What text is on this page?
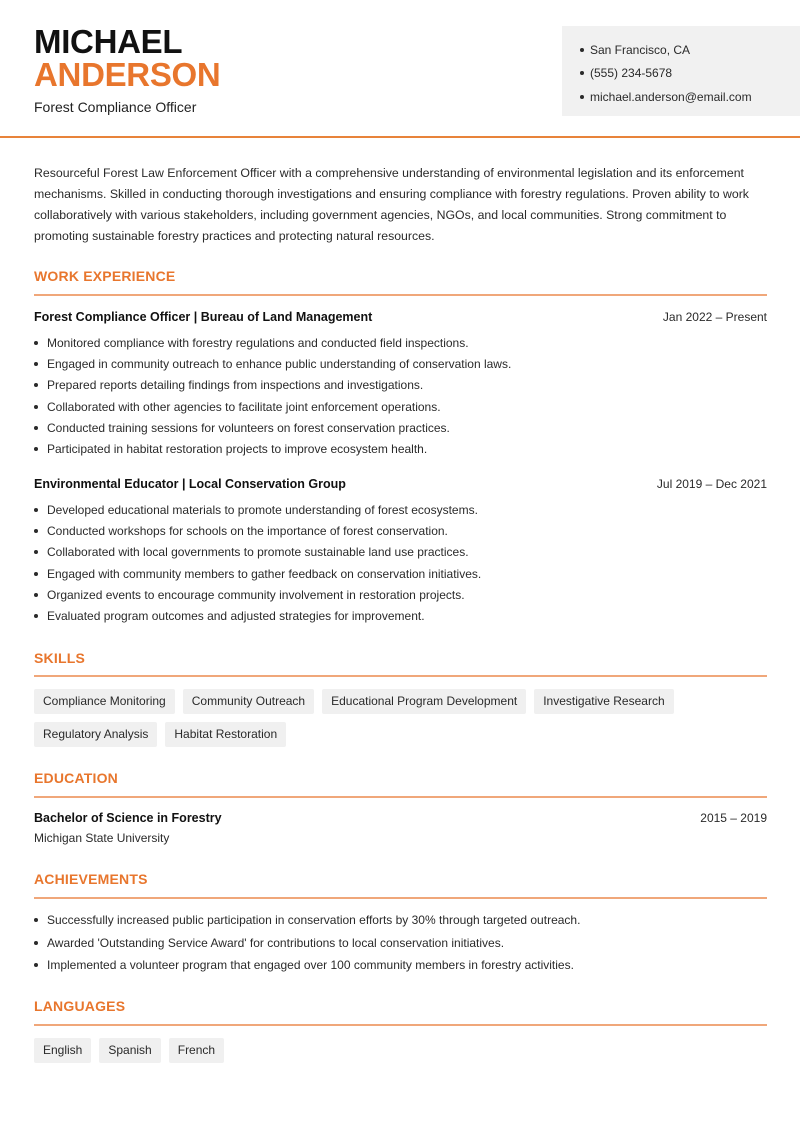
MICHAEL
ANDERSON
Forest Compliance Officer
San Francisco, CA
(555) 234-5678
michael.anderson@email.com

Resourceful Forest Law Enforcement Officer with a comprehensive understanding of environmental legislation and its enforcement mechanisms. Skilled in conducting thorough investigations and ensuring compliance with forestry regulations. Proven ability to work collaboratively with various stakeholders, including government agencies, NGOs, and local communities. Strong commitment to promoting sustainable forestry practices and protecting natural resources.

WORK EXPERIENCE
Forest Compliance Officer | Bureau of Land Management	Jan 2022 – Present
Monitored compliance with forestry regulations and conducted field inspections.
Engaged in community outreach to enhance public understanding of conservation laws.
Prepared reports detailing findings from inspections and investigations.
Collaborated with other agencies to facilitate joint enforcement operations.
Conducted training sessions for volunteers on forest conservation practices.
Participated in habitat restoration projects to improve ecosystem health.
Environmental Educator | Local Conservation Group	Jul 2019 – Dec 2021
Developed educational materials to promote understanding of forest ecosystems.
Conducted workshops for schools on the importance of forest conservation.
Collaborated with local governments to promote sustainable land use practices.
Engaged with community members to gather feedback on conservation initiatives.
Organized events to encourage community involvement in restoration projects.
Evaluated program outcomes and adjusted strategies for improvement.
SKILLS
Compliance Monitoring	Community Outreach	Educational Program Development	Investigative Research
Regulatory Analysis	Habitat Restoration
EDUCATION
Bachelor of Science in Forestry	2015 – 2019
Michigan State University
ACHIEVEMENTS
Successfully increased public participation in conservation efforts by 30% through targeted outreach.
Awarded 'Outstanding Service Award' for contributions to local conservation initiatives.
Implemented a volunteer program that engaged over 100 community members in forestry activities.
LANGUAGES
English	Spanish	French
